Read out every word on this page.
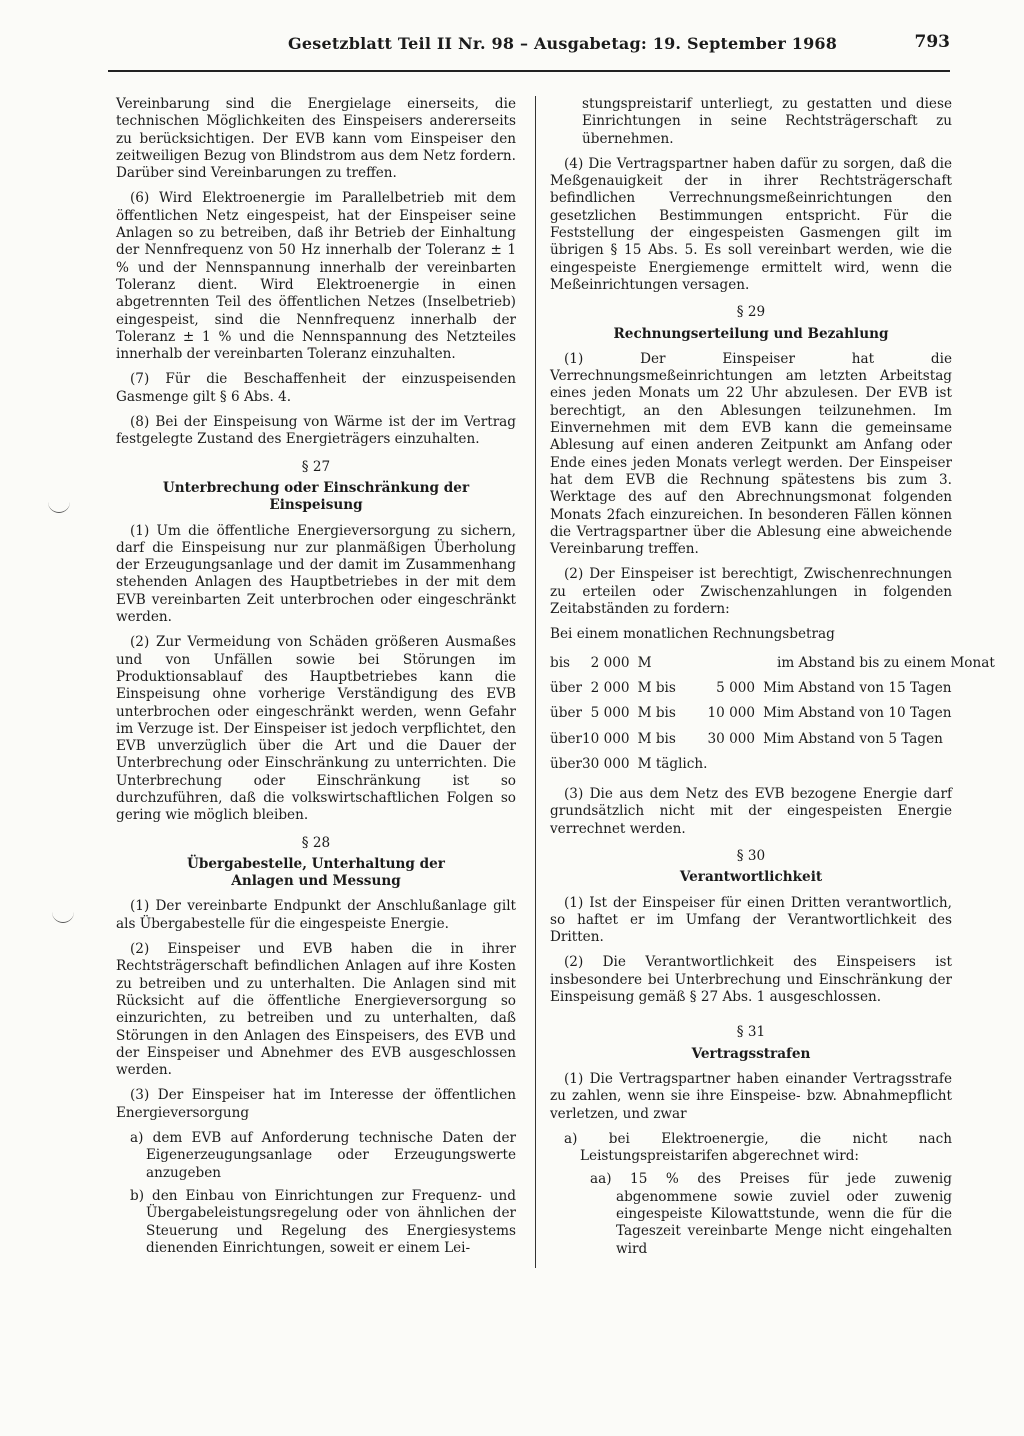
Gesetzblatt Teil II Nr. 98 – Ausgabetag: 19. September 1968	793

Vereinbarung sind die Energielage einerseits, die technischen Möglichkeiten des Einspeisers andererseits zu berücksichtigen. Der EVB kann vom Einspeiser den zeitweiligen Bezug von Blindstrom aus dem Netz fordern. Darüber sind Vereinbarungen zu treffen.

(6) Wird Elektroenergie im Parallelbetrieb mit dem öffentlichen Netz eingespeist, hat der Einspeiser seine Anlagen so zu betreiben, daß ihr Betrieb der Einhaltung der Nennfrequenz von 50 Hz innerhalb der Toleranz ± 1 % und der Nennspannung innerhalb der vereinbarten Toleranz dient. Wird Elektroenergie in einen abgetrennten Teil des öffentlichen Netzes (Inselbetrieb) eingespeist, sind die Nennfrequenz innerhalb der Toleranz ± 1 % und die Nennspannung des Netzteiles innerhalb der vereinbarten Toleranz einzuhalten.

(7) Für die Beschaffenheit der einzuspeisenden Gasmenge gilt § 6 Abs. 4.

(8) Bei der Einspeisung von Wärme ist der im Vertrag festgelegte Zustand des Energieträgers einzuhalten.

§ 27
Unterbrechung oder Einschränkung der Einspeisung

(1) Um die öffentliche Energieversorgung zu sichern, darf die Einspeisung nur zur planmäßigen Überholung der Erzeugungsanlage und der damit im Zusammenhang stehenden Anlagen des Hauptbetriebes in der mit dem EVB vereinbarten Zeit unterbrochen oder eingeschränkt werden.

(2) Zur Vermeidung von Schäden größeren Ausmaßes und von Unfällen sowie bei Störungen im Produktionsablauf des Hauptbetriebes kann die Einspeisung ohne vorherige Verständigung des EVB unterbrochen oder eingeschränkt werden, wenn Gefahr im Verzuge ist. Der Einspeiser ist jedoch verpflichtet, den EVB unverzüglich über die Art und die Dauer der Unterbrechung oder Einschränkung zu unterrichten. Die Unterbrechung oder Einschränkung ist so durchzuführen, daß die volkswirtschaftlichen Folgen so gering wie möglich bleiben.

§ 28
Übergabestelle, Unterhaltung der Anlagen und Messung

(1) Der vereinbarte Endpunkt der Anschlußanlage gilt als Übergabestelle für die eingespeiste Energie.

(2) Einspeiser und EVB haben die in ihrer Rechtsträgerschaft befindlichen Anlagen auf ihre Kosten zu betreiben und zu unterhalten. Die Anlagen sind mit Rücksicht auf die öffentliche Energieversorgung so einzurichten, zu betreiben und zu unterhalten, daß Störungen in den Anlagen des Einspeisers, des EVB und der Einspeiser und Abnehmer des EVB ausgeschlossen werden.

(3) Der Einspeiser hat im Interesse der öffentlichen Energieversorgung

a) dem EVB auf Anforderung technische Daten der Eigenerzeugungsanlage oder Erzeugungswerte anzugeben

b) den Einbau von Einrichtungen zur Frequenz- und Übergabeleistungsregelung oder von ähnlichen der Steuerung und Regelung des Energiesystems dienenden Einrichtungen, soweit er einem Lei-

stungspreistarif unterliegt, zu gestatten und diese Einrichtungen in seine Rechtsträgerschaft zu übernehmen.

(4) Die Vertragspartner haben dafür zu sorgen, daß die Meßgenauigkeit der in ihrer Rechtsträgerschaft befindlichen Verrechnungsmeßeinrichtungen den gesetzlichen Bestimmungen entspricht. Für die Feststellung der eingespeisten Gasmengen gilt im übrigen § 15 Abs. 5. Es soll vereinbart werden, wie die eingespeiste Energiemenge ermittelt wird, wenn die Meßeinrichtungen versagen.

§ 29
Rechnungserteilung und Bezahlung

(1) Der Einspeiser hat die Verrechnungsmeßeinrichtungen am letzten Arbeitstag eines jeden Monats um 22 Uhr abzulesen. Der EVB ist berechtigt, an den Ablesungen teilzunehmen. Im Einvernehmen mit dem EVB kann die gemeinsame Ablesung auf einen anderen Zeitpunkt am Anfang oder Ende eines jeden Monats verlegt werden. Der Einspeiser hat dem EVB die Rechnung spätestens bis zum 3. Werktage des auf den Abrechnungsmonat folgenden Monats 2fach einzureichen. In besonderen Fällen können die Vertragspartner über die Ablesung eine abweichende Vereinbarung treffen.

(2) Der Einspeiser ist berechtigt, Zwischenrechnungen zu erteilen oder Zwischenzahlungen in folgenden Zeitabständen zu fordern:

Bei einem monatlichen Rechnungsbetrag

bis	2 000	M			im Abstand bis zu einem Monat
über	2 000	M bis	5 000	M	im Abstand von 15 Tagen
über	5 000	M bis	10 000	M	im Abstand von 10 Tagen
über	10 000	M bis	30 000	M	im Abstand von 5 Tagen
über	30 000	M täglich.			

(3) Die aus dem Netz des EVB bezogene Energie darf grundsätzlich nicht mit der eingespeisten Energie verrechnet werden.

§ 30
Verantwortlichkeit

(1) Ist der Einspeiser für einen Dritten verantwortlich, so haftet er im Umfang der Verantwortlichkeit des Dritten.

(2) Die Verantwortlichkeit des Einspeisers ist insbesondere bei Unterbrechung und Einschränkung der Einspeisung gemäß § 27 Abs. 1 ausgeschlossen.

§ 31
Vertragsstrafen

(1) Die Vertragspartner haben einander Vertragsstrafe zu zahlen, wenn sie ihre Einspeise- bzw. Abnahmepflicht verletzen, und zwar

a) bei Elektroenergie, die nicht nach Leistungspreistarifen abgerechnet wird:

aa) 15 % des Preises für jede zuwenig abgenommene sowie zuviel oder zuwenig eingespeiste Kilowattstunde, wenn die für die Tageszeit vereinbarte Menge nicht eingehalten wird
